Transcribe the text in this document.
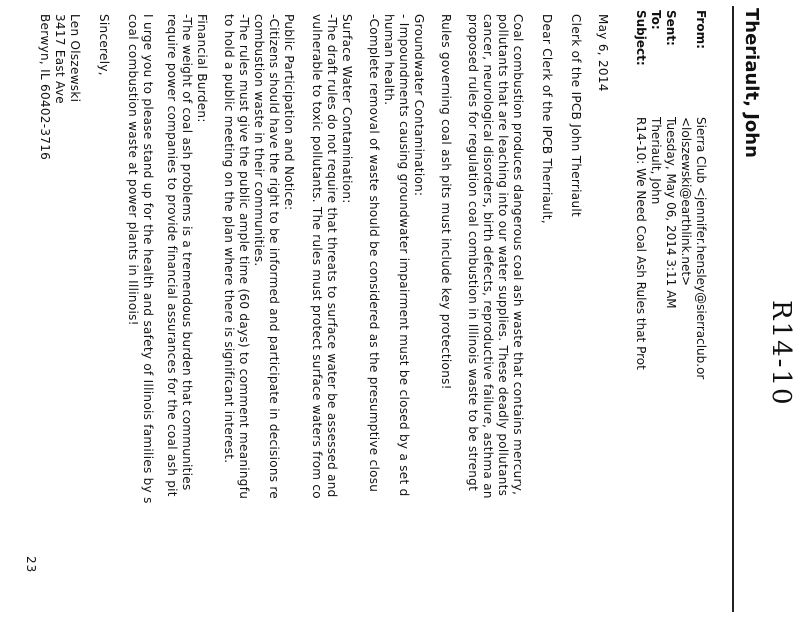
R14-10
Theriault, John
From:
Sierra Club <jennifer.hensley@sierraclub.or
<lolszewski@earthlink.net>
Sent:
Tuesday, May 06, 2014 3:11 AM
To:
Theriault, John
Subject:
R14-10: We Need Coal Ash Rules that Prot
May 6, 2014
Clerk of the IPCB John Therriault
Dear Clerk of the IPCB Therriault,
Coal combustion produces dangerous coal ash waste that contains mercury,
pollutants that are leaching into our water supplies. These deadly pollutants
cancer, neurological disorders, birth defects, reproductive failure, asthma an
proposed rules for regulation coal combustion in Illinois waste to be strengt
Rules governing coal ash pits must include key protections!
Groundwater Contamination:
- Impoundments causing groundwater impairment must be closed by a set d
human health.
-Complete removal of waste should be considered as the presumptive closu
Surface Water Contamination:
-The draft rules do not require that threats to surface water be assessed and
vulnerable to toxic pollutants. The rules must protect surface waters from co
Public Participation and Notice:
-Citizens should have the right to be informed and participate in decisions re
combustion waste in their communities.
-The rules must give the public ample time (60 days) to comment meaningfu
to hold a public meeting on the plan where there is significant interest.
Financial Burden:
-The weight of coal ash problems is a tremendous burden that communities
require power companies to provide financial assurances for the coal ash pit
I urge you to please stand up for the health and safety of Illinois families by s
coal combustion waste at power plants in Illinois!
Sincerely,
Len Olszewski
3417 East Ave
Berwyn, IL 60402-3716
23
